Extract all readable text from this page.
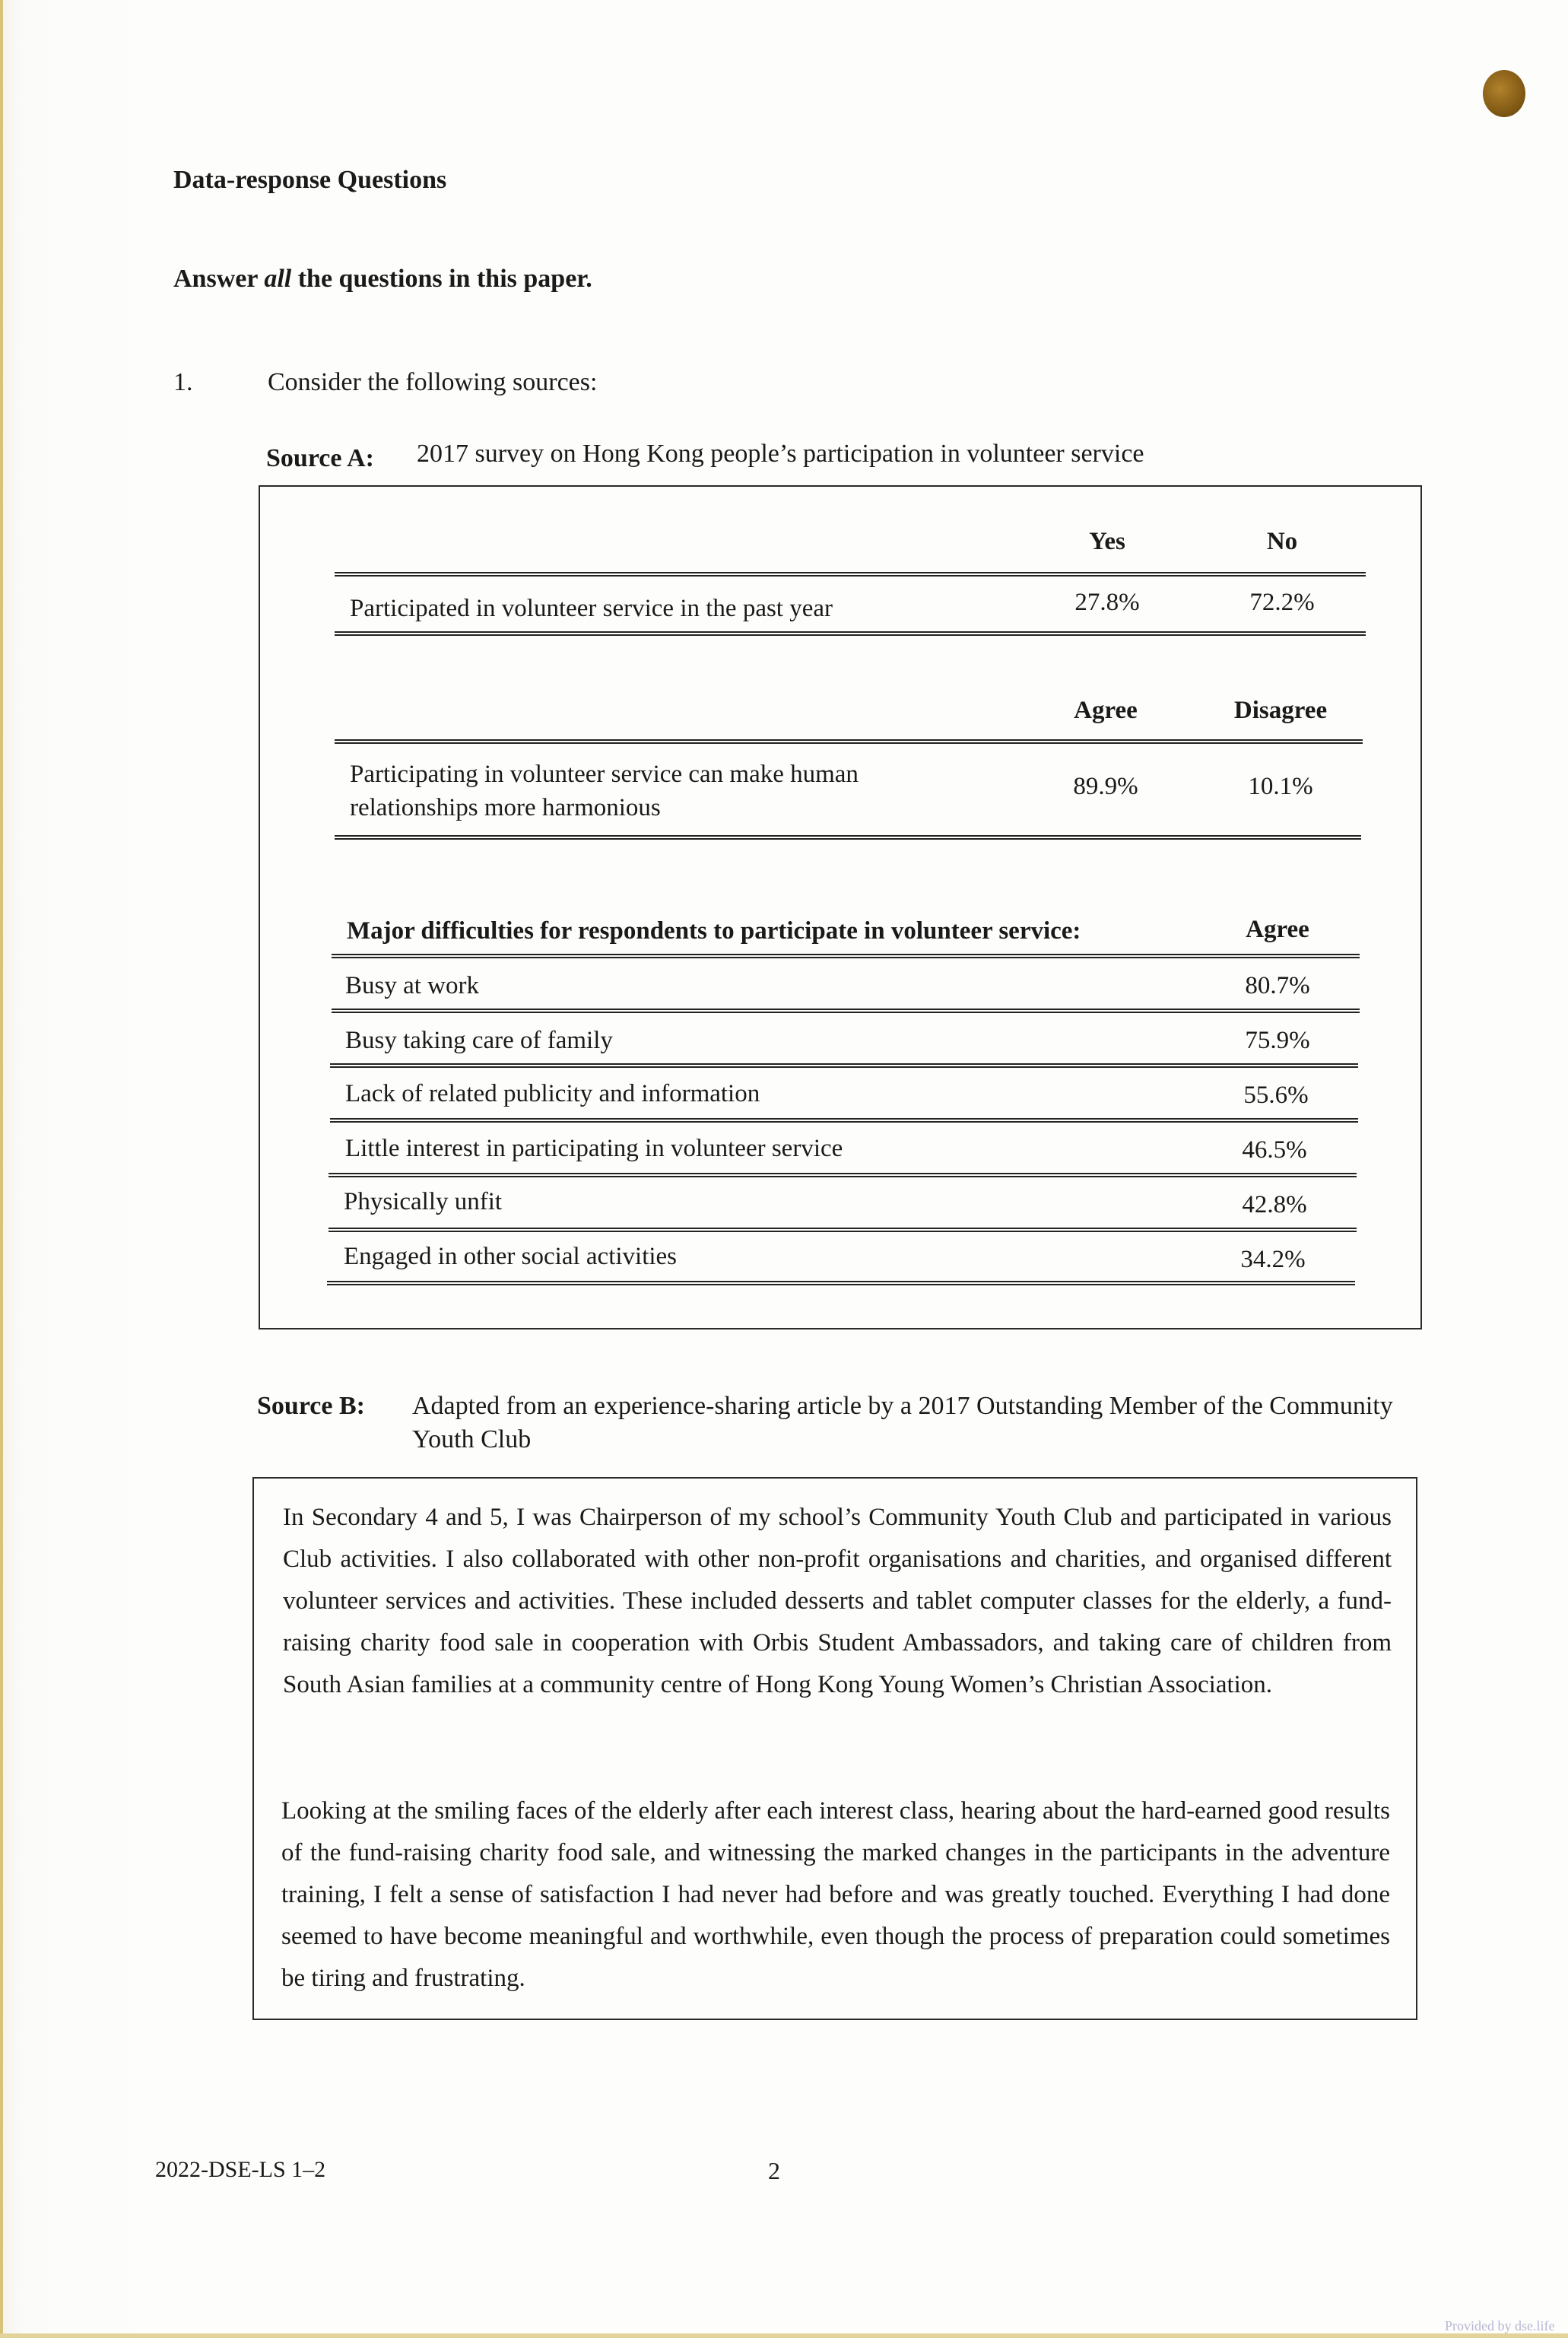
Data-response Questions
Answer all the questions in this paper.
1.	Consider the following sources:
Source A: 2017 survey on Hong Kong people’s participation in volunteer service
Yes	No
Participated in volunteer service in the past year	27.8%	72.2%
Agree	Disagree
Participating in volunteer service can make human
relationships more harmonious
89.9%	10.1%
Major difficulties for respondents to participate in volunteer service:	Agree
Busy at work	80.7%
Busy taking care of family	75.9%
Lack of related publicity and information	55.6%
Little interest in participating in volunteer service	46.5%
Physically unfit	42.8%
Engaged in other social activities	34.2%
Source B: Adapted from an experience-sharing article by a 2017 Outstanding Member of the Community
Youth Club
In Secondary 4 and 5, I was Chairperson of my school’s Community Youth Club and participated in various Club activities. I also collaborated with other non-profit organisations and charities, and organised different volunteer services and activities. These included desserts and tablet computer classes for the elderly, a fund-raising charity food sale in cooperation with Orbis Student Ambassadors, and taking care of children from South Asian families at a community centre of Hong Kong Young Women’s Christian Association.
Looking at the smiling faces of the elderly after each interest class, hearing about the hard-earned good results of the fund-raising charity food sale, and witnessing the marked changes in the participants in the adventure training, I felt a sense of satisfaction I had never had before and was greatly touched. Everything I had done seemed to have become meaningful and worthwhile, even though the process of preparation could sometimes be tiring and frustrating.
2022-DSE-LS 1–2	2
Provided by dse.life
